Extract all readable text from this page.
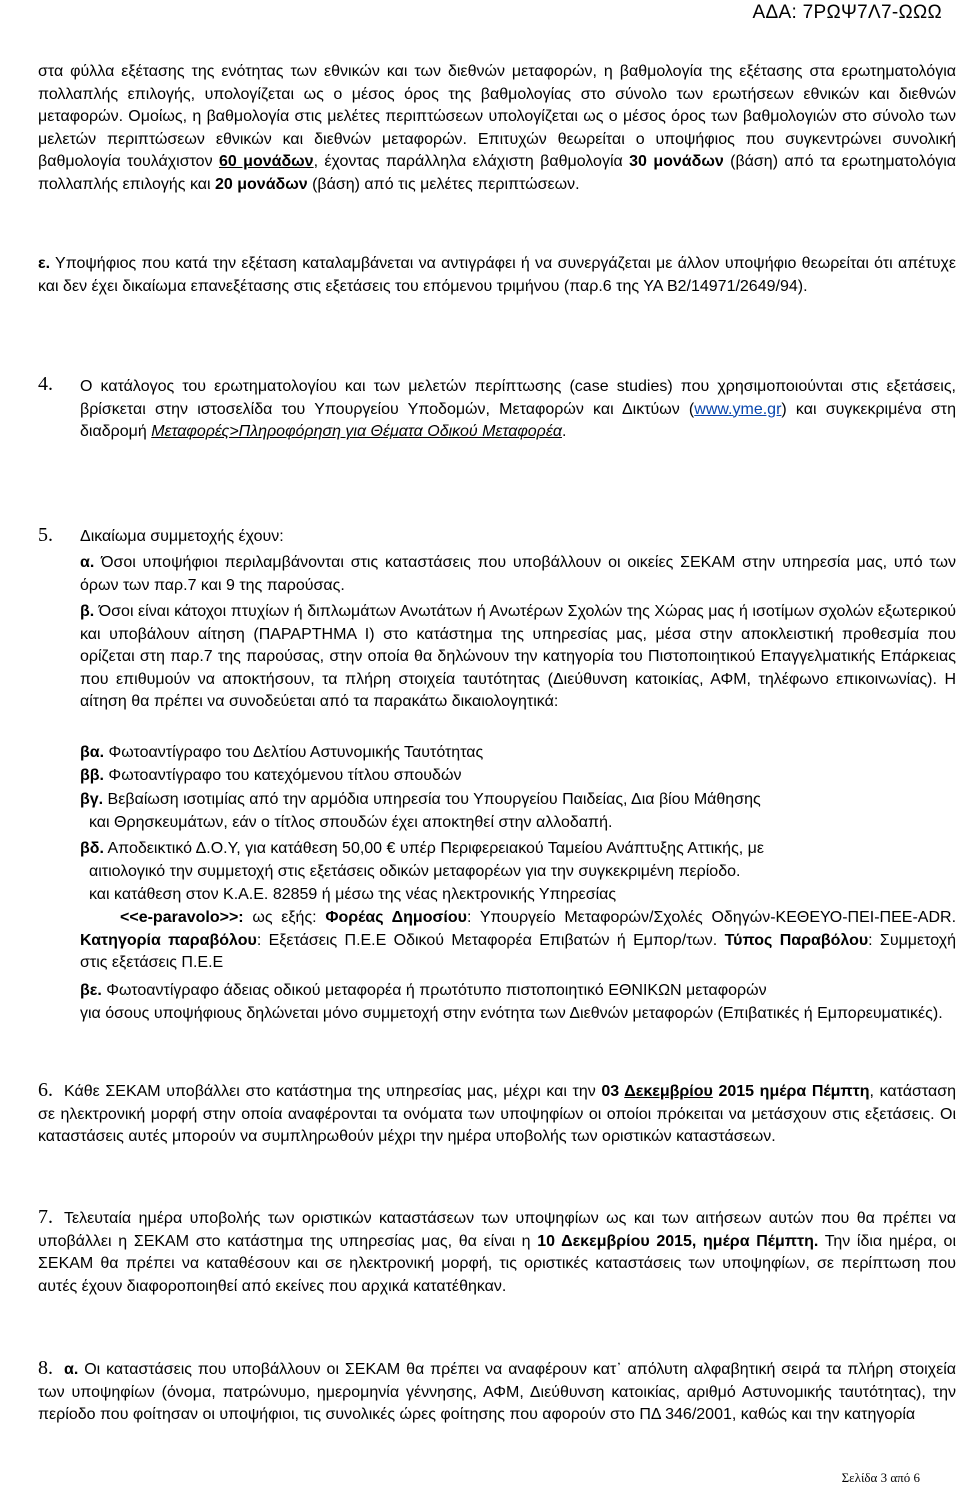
ΑΔΑ: 7ΡΩΨ7Λ7-ΩΩΩ

στα φύλλα εξέτασης της ενότητας των εθνικών και των διεθνών μεταφορών, η βαθμολογία της εξέτασης στα ερωτηματολόγια πολλαπλής επιλογής, υπολογίζεται ως ο μέσος όρος της βαθμολογίας στο σύνολο των ερωτήσεων εθνικών και διεθνών μεταφορών. Ομοίως, η βαθμολογία στις μελέτες περιπτώσεων υπολογίζεται ως ο μέσος όρος των βαθμολογιών στο σύνολο των μελετών περιπτώσεων εθνικών και διεθνών μεταφορών. Επιτυχών θεωρείται ο υποψήφιος που συγκεντρώνει συνολική βαθμολογία τουλάχιστον 60 μονάδων, έχοντας παράλληλα ελάχιστη βαθμολογία 30 μονάδων (βάση) από τα ερωτηματολόγια πολλαπλής επιλογής και 20 μονάδων (βάση) από τις μελέτες περιπτώσεων.

ε. Υποψήφιος που κατά την εξέταση καταλαμβάνεται να αντιγράφει ή να συνεργάζεται με άλλον υποψήφιο θεωρείται ότι απέτυχε και δεν έχει δικαίωμα επανεξέτασης στις εξετάσεις του επόμενου τριμήνου (παρ.6 της ΥΑ Β2/14971/2649/94).

4. Ο κατάλογος του ερωτηματολογίου και των μελετών περίπτωσης (case studies) που χρησιμοποιούνται στις εξετάσεις, βρίσκεται στην ιστοσελίδα του Υπουργείου Υποδομών, Μεταφορών και Δικτύων (www.yme.gr) και συγκεκριμένα στη διαδρομή Μεταφορές>Πληροφόρηση για Θέματα Οδικού Μεταφορέα.

5. Δικαίωμα συμμετοχής έχουν:

α. Όσοι υποψήφιοι περιλαμβάνονται στις καταστάσεις που υποβάλλουν οι οικείες ΣΕΚΑΜ στην υπηρεσία μας, υπό των όρων των παρ.7 και 9 της παρούσας.

β. Όσοι είναι κάτοχοι πτυχίων ή διπλωμάτων Ανωτάτων ή Ανωτέρων Σχολών της Χώρας μας ή ισοτίμων σχολών εξωτερικού και υποβάλουν αίτηση (ΠΑΡΑΡΤΗΜΑ Ι) στο κατάστημα της υπηρεσίας μας, μέσα στην αποκλειστική προθεσμία που ορίζεται στη παρ.7 της παρούσας, στην οποία θα δηλώνουν την κατηγορία του Πιστοποιητικού Επαγγελματικής Επάρκειας που επιθυμούν να αποκτήσουν, τα πλήρη στοιχεία ταυτότητας (Διεύθυνση κατοικίας, ΑΦΜ, τηλέφωνο επικοινωνίας). Η αίτηση θα πρέπει να συνοδεύεται από τα παρακάτω δικαιολογητικά:

βα. Φωτοαντίγραφο του Δελτίου Αστυνομικής Ταυτότητας

ββ. Φωτοαντίγραφο του κατεχόμενου τίτλου σπουδών

βγ. Βεβαίωση ισοτιμίας από την αρμόδια υπηρεσία του Υπουργείου Παιδείας, Δια βίου Μάθησης

και Θρησκευμάτων, εάν ο τίτλος σπουδών έχει αποκτηθεί στην αλλοδαπή.

βδ. Αποδεικτικό Δ.Ο.Υ, για κατάθεση 50,00 € υπέρ Περιφερειακού Ταμείου Ανάπτυξης Αττικής, με

αιτιολογικό την συμμετοχή στις εξετάσεις οδικών μεταφορέων για την συγκεκριμένη περίοδο.

και κατάθεση στον Κ.Α.Ε. 82859 ή μέσω της νέας ηλεκτρονικής Υπηρεσίας

<<e-paravolo>>: ως εξής: Φορέας Δημοσίου: Υπουργείο Μεταφορών/Σχολές Οδηγών-ΚΕΘΕΥΟ-ΠΕΙ-ΠΕΕ-ADR. Κατηγορία παραβόλου: Εξετάσεις Π.Ε.Ε Οδικού Μεταφορέα Επιβατών ή Εμπορ/των. Τύπος Παραβόλου: Συμμετοχή στις εξετάσεις Π.Ε.Ε

βε. Φωτοαντίγραφο άδειας οδικού μεταφορέα ή πρωτότυπο πιστοποιητικό ΕΘΝΙΚΩΝ μεταφορών

για όσους υποψήφιους δηλώνεται μόνο συμμετοχή στην ενότητα των Διεθνών μεταφορών (Επιβατικές ή Εμπορευματικές).

6. Κάθε ΣΕΚΑΜ υποβάλλει στο κατάστημα της υπηρεσίας μας, μέχρι και την 03 Δεκεμβρίου 2015 ημέρα Πέμπτη, κατάσταση σε ηλεκτρονική μορφή στην οποία αναφέρονται τα ονόματα των υποψηφίων οι οποίοι πρόκειται να μετάσχουν στις εξετάσεις. Οι καταστάσεις αυτές μπορούν να συμπληρωθούν μέχρι την ημέρα υποβολής των οριστικών καταστάσεων.

7. Τελευταία ημέρα υποβολής των οριστικών καταστάσεων των υποψηφίων ως και των αιτήσεων αυτών που θα πρέπει να υποβάλλει η ΣΕΚΑΜ στο κατάστημα της υπηρεσίας μας, θα είναι η 10 Δεκεμβρίου 2015, ημέρα Πέμπτη. Την ίδια ημέρα, οι ΣΕΚΑΜ θα πρέπει να καταθέσουν και σε ηλεκτρονική μορφή, τις οριστικές καταστάσεις των υποψηφίων, σε περίπτωση που αυτές έχουν διαφοροποιηθεί από εκείνες που αρχικά κατατέθηκαν.

8. α. Οι καταστάσεις που υποβάλλουν οι ΣΕΚΑΜ θα πρέπει να αναφέρουν κατ᾽ απόλυτη αλφαβητική σειρά τα πλήρη στοιχεία των υποψηφίων (όνομα, πατρώνυμο, ημερομηνία γέννησης, ΑΦΜ, Διεύθυνση κατοικίας, αριθμό Αστυνομικής ταυτότητας), την περίοδο που φοίτησαν οι υποψήφιοι, τις συνολικές ώρες φοίτησης που αφορούν στο ΠΔ 346/2001, καθώς και την κατηγορία

Σελίδα 3 από 6
